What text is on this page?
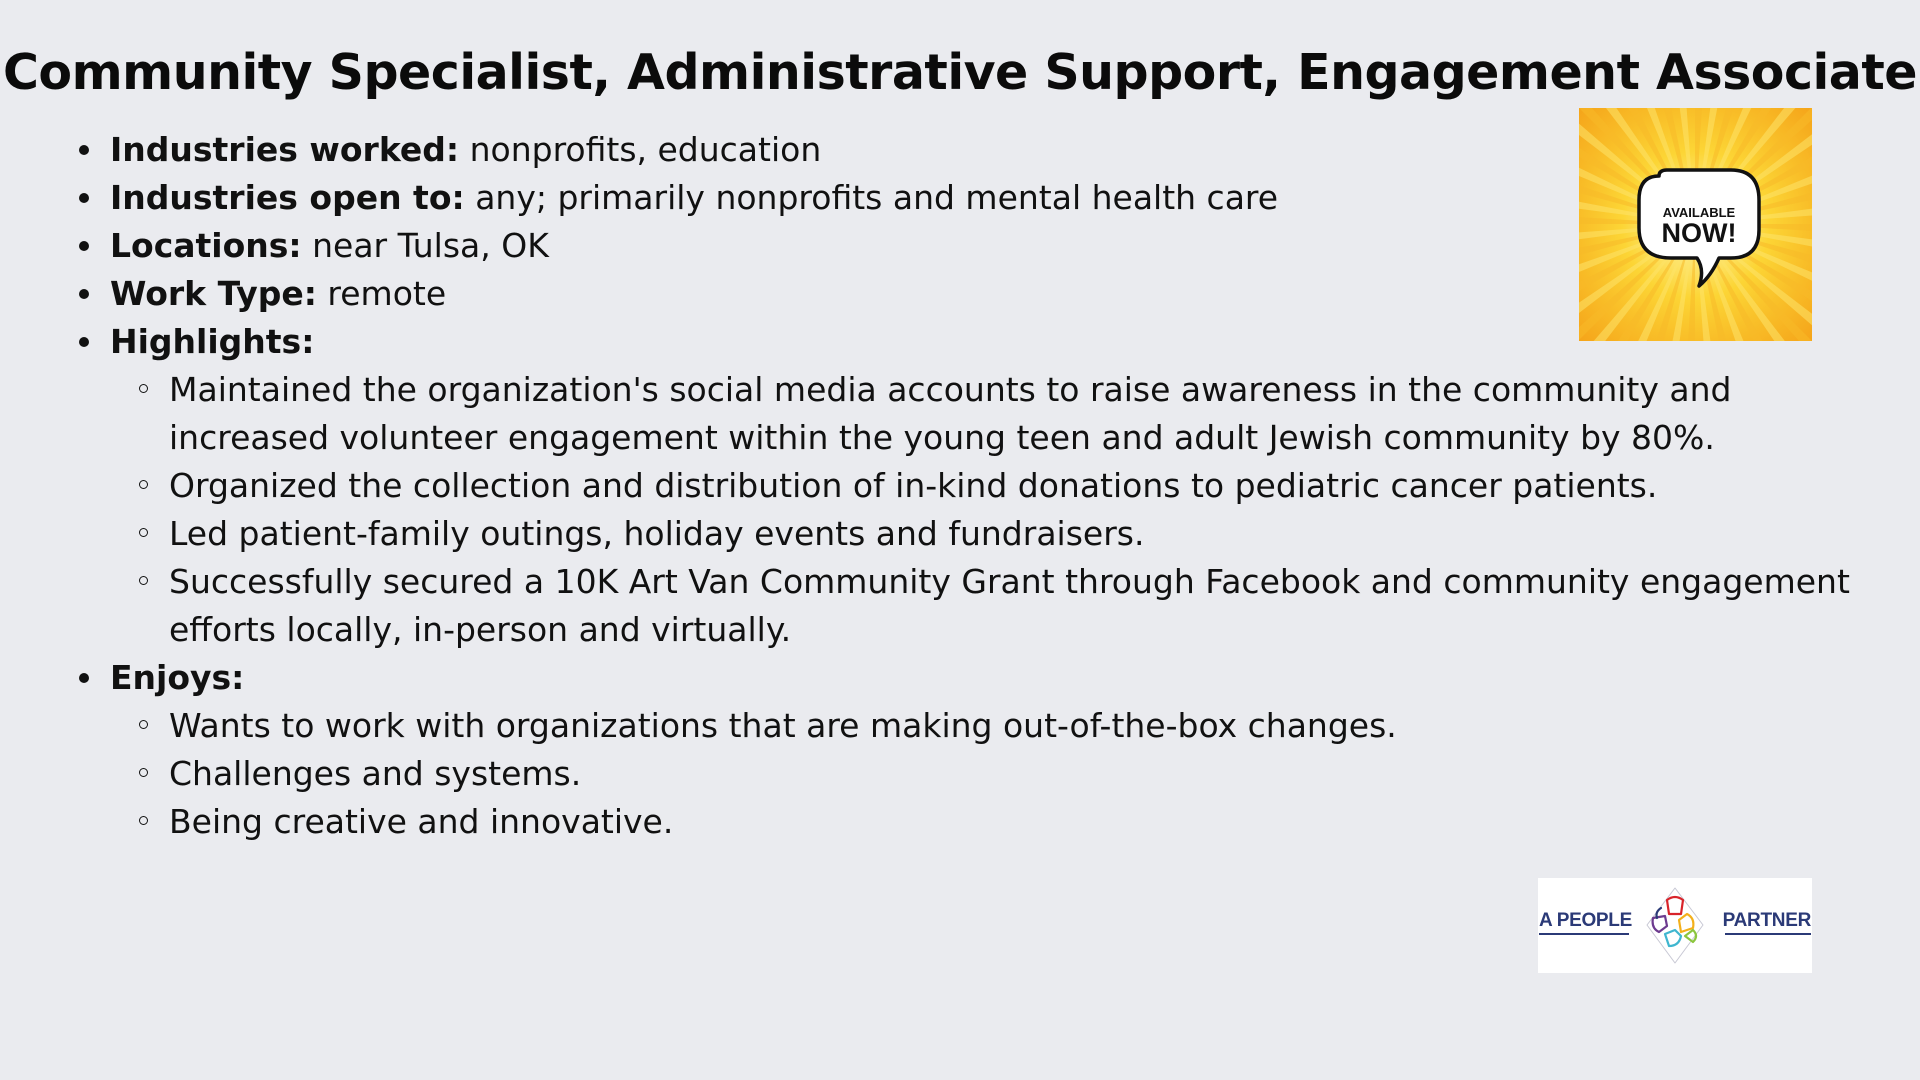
Community Specialist, Administrative Support, Engagement Associate
Industries worked: nonprofits, education
Industries open to: any; primarily nonprofits and mental health care
Locations: near Tulsa, OK
Work Type: remote
Highlights:
Maintained the organization's social media accounts to raise awareness in the community and increased volunteer engagement within the young teen and adult Jewish community by 80%.
Organized the collection and distribution of in-kind donations to pediatric cancer patients.
Led patient-family outings, holiday events and fundraisers.
Successfully secured a 10K Art Van Community Grant through Facebook and community engagement efforts locally, in-person and virtually.
Enjoys:
Wants to work with organizations that are making out-of-the-box changes.
Challenges and systems.
Being creative and innovative.
AVAILABLE
NOW!
A PEOPLE	PARTNER
